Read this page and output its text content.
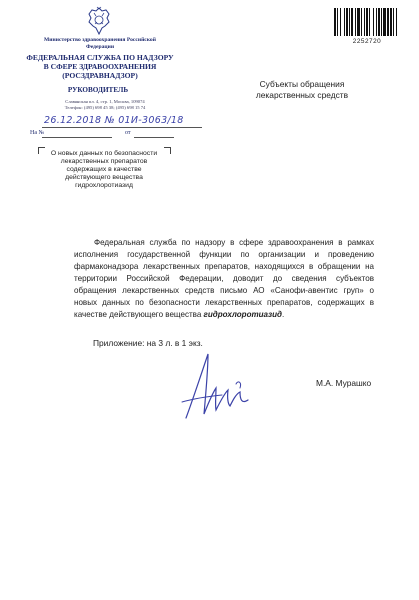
Министерство здравоохранения Российской Федерации
ФЕДЕРАЛЬНАЯ СЛУЖБА ПО НАДЗОРУ
В СФЕРЕ ЗДРАВООХРАНЕНИЯ
(РОСЗДРАВНАДЗОР)
РУКОВОДИТЕЛЬ
Славянская пл. 4, стр. 1, Москва, 109074
Телефон: (495) 698 45 38; (495) 698 15 74
26.12.2018 № 01И-3063/18
На №	от
О новых данных по безопасности
лекарственных препаратов
содержащих в качестве
действующего вещества
гидрохлоротиазид
2252720
Субъекты обращения
лекарственных средств
Федеральная служба по надзору в сфере здравоохранения в рамках исполнения государственной функции по организации и проведению фармаконадзора лекарственных препаратов, находящихся в обращении на территории Российской Федерации, доводит до сведения субъектов обращения лекарственных средств письмо АО «Санофи-авентис груп» о новых данных по безопасности лекарственных препаратов, содержащих в качестве действующего вещества гидрохлоротиазид.
Приложение: на 3 л. в 1 экз.
М.А. Мурашко
